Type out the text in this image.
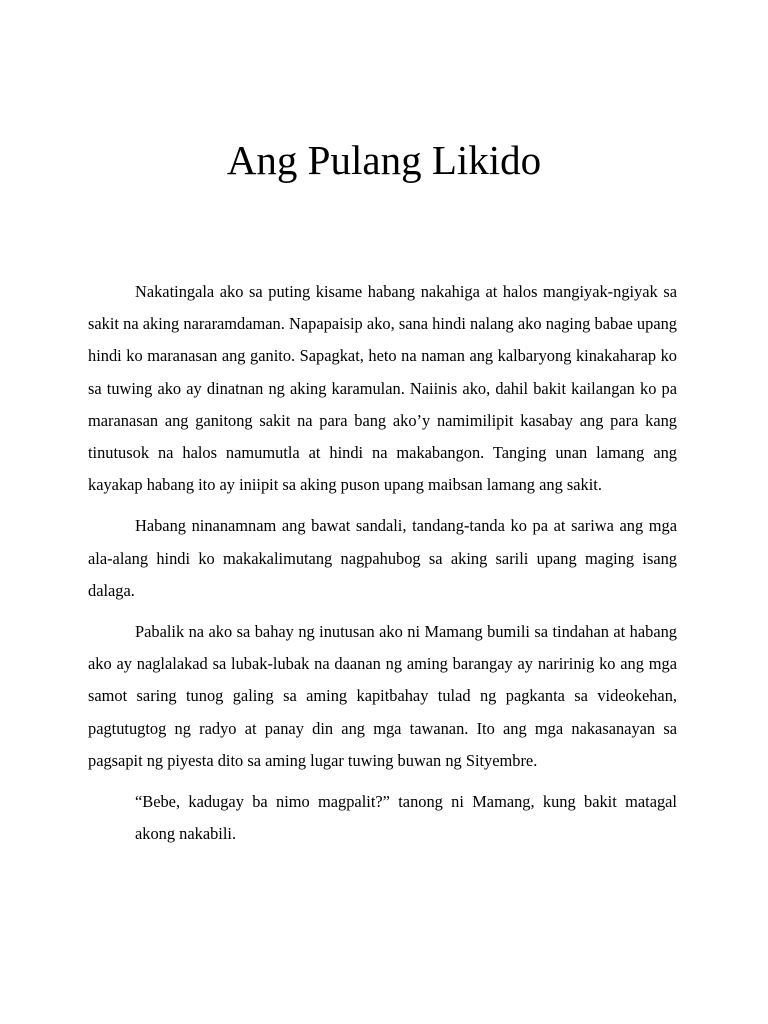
Ang Pulang Likido

Nakatingala ako sa puting kisame habang nakahiga at halos mangiyak-ngiyak sa sakit na aking nararamdaman. Napapaisip ako, sana hindi nalang ako naging babae upang hindi ko maranasan ang ganito. Sapagkat, heto na naman ang kalbaryong kinakaharap ko sa tuwing ako ay dinatnan ng aking karamulan. Naiinis ako, dahil bakit kailangan ko pa maranasan ang ganitong sakit na para bang ako’y namimilipit kasabay ang para kang tinutusok na halos namumutla at hindi na makabangon. Tanging unan lamang ang kayakap habang ito ay iniipit sa aking puson upang maibsan lamang ang sakit.

Habang ninanamnam ang bawat sandali, tandang-tanda ko pa at sariwa ang mga ala-alang hindi ko makakalimutang nagpahubog sa aking sarili upang maging isang dalaga.

Pabalik na ako sa bahay ng inutusan ako ni Mamang bumili sa tindahan at habang ako ay naglalakad sa lubak-lubak na daanan ng aming barangay ay naririnig ko ang mga samot saring tunog galing sa aming kapitbahay tulad ng pagkanta sa videokehan, pagtutugtog ng radyo at panay din ang mga tawanan. Ito ang mga nakasanayan sa pagsapit ng piyesta dito sa aming lugar tuwing buwan ng Sityembre.

“Bebe, kadugay ba nimo magpalit?” tanong ni Mamang, kung bakit matagal akong nakabili.
